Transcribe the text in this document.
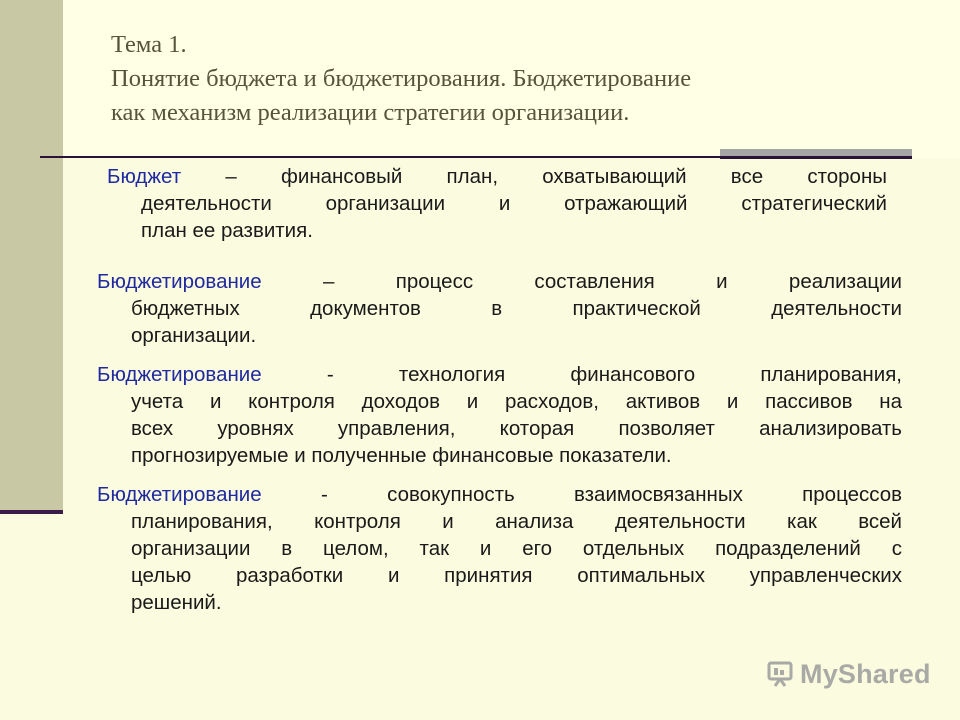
Тема 1.
Понятие бюджета и бюджетирования. Бюджетирование
как механизм реализации стратегии организации.
Бюджет – финансовый план, охватывающий все стороны
деятельности организации и отражающий стратегический
план ее развития.
Бюджетирование – процесс составления и реализации
бюджетных документов в практической деятельности
организации.
Бюджетирование - технология финансового планирования,
учета и контроля доходов и расходов, активов и пассивов на
всех уровнях управления, которая позволяет анализировать
прогнозируемые и полученные финансовые показатели.
Бюджетирование - совокупность взаимосвязанных процессов
планирования, контроля и анализа деятельности как всей
организации в целом, так и его отдельных подразделений с
целью разработки и принятия оптимальных управленческих
решений.
MyShared
